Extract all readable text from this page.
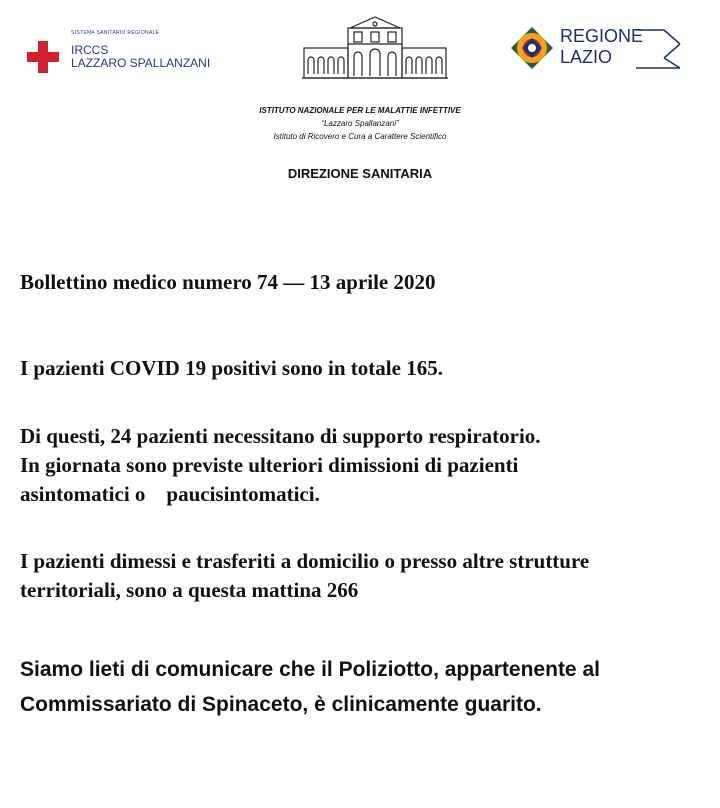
SISTEMA SANITARIO REGIONALE
IRCCS
LAZZARO SPALLANZANI
REGIONE
LAZIO
ISTITUTO NAZIONALE PER LE MALATTIE INFETTIVE
“Lazzaro Spallanzani”
Istituto di Ricovero e Cura a Carattere Scientifico
DIREZIONE SANITARIA
Bollettino medico numero 74 — 13 aprile 2020
I pazienti COVID 19 positivi sono in totale 165.
Di questi, 24 pazienti necessitano di supporto respiratorio.
In giornata sono previste ulteriori dimissioni di pazienti
asintomatici o    paucisintomatici.
I pazienti dimessi e trasferiti a domicilio o presso altre strutture
territoriali, sono a questa mattina 266
Siamo lieti di comunicare che il Poliziotto, appartenente al
Commissariato di Spinaceto, è clinicamente guarito.
